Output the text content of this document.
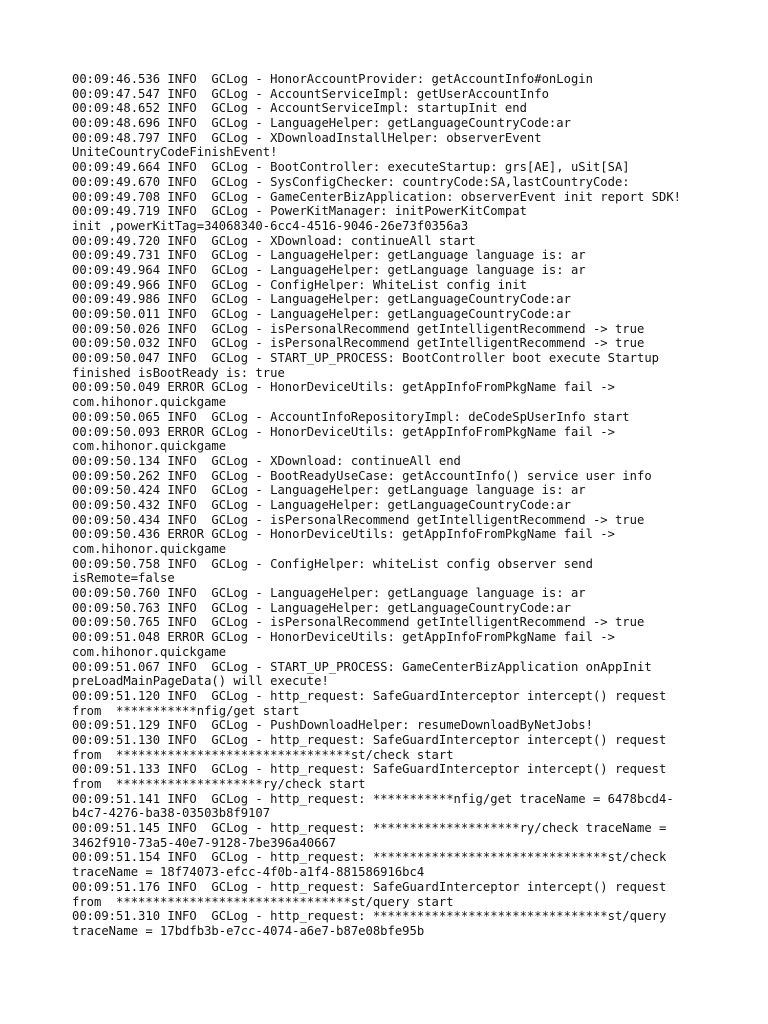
00:09:46.536 INFO  GCLog - HonorAccountProvider: getAccountInfo#onLogin
00:09:47.547 INFO  GCLog - AccountServiceImpl: getUserAccountInfo
00:09:48.652 INFO  GCLog - AccountServiceImpl: startupInit end
00:09:48.696 INFO  GCLog - LanguageHelper: getLanguageCountryCode:ar
00:09:48.797 INFO  GCLog - XDownloadInstallHelper: observerEvent
UniteCountryCodeFinishEvent!
00:09:49.664 INFO  GCLog - BootController: executeStartup: grs[AE], uSit[SA]
00:09:49.670 INFO  GCLog - SysConfigChecker: countryCode:SA,lastCountryCode:
00:09:49.708 INFO  GCLog - GameCenterBizApplication: observerEvent init report SDK!
00:09:49.719 INFO  GCLog - PowerKitManager: initPowerKitCompat
init ,powerKitTag=34068340-6cc4-4516-9046-26e73f0356a3
00:09:49.720 INFO  GCLog - XDownload: continueAll start
00:09:49.731 INFO  GCLog - LanguageHelper: getLanguage language is: ar
00:09:49.964 INFO  GCLog - LanguageHelper: getLanguage language is: ar
00:09:49.966 INFO  GCLog - ConfigHelper: WhiteList config init
00:09:49.986 INFO  GCLog - LanguageHelper: getLanguageCountryCode:ar
00:09:50.011 INFO  GCLog - LanguageHelper: getLanguageCountryCode:ar
00:09:50.026 INFO  GCLog - isPersonalRecommend getIntelligentRecommend -> true
00:09:50.032 INFO  GCLog - isPersonalRecommend getIntelligentRecommend -> true
00:09:50.047 INFO  GCLog - START_UP_PROCESS: BootController boot execute Startup
finished isBootReady is: true
00:09:50.049 ERROR GCLog - HonorDeviceUtils: getAppInfoFromPkgName fail ->
com.hihonor.quickgame
00:09:50.065 INFO  GCLog - AccountInfoRepositoryImpl: deCodeSpUserInfo start
00:09:50.093 ERROR GCLog - HonorDeviceUtils: getAppInfoFromPkgName fail ->
com.hihonor.quickgame
00:09:50.134 INFO  GCLog - XDownload: continueAll end
00:09:50.262 INFO  GCLog - BootReadyUseCase: getAccountInfo() service user info
00:09:50.424 INFO  GCLog - LanguageHelper: getLanguage language is: ar
00:09:50.432 INFO  GCLog - LanguageHelper: getLanguageCountryCode:ar
00:09:50.434 INFO  GCLog - isPersonalRecommend getIntelligentRecommend -> true
00:09:50.436 ERROR GCLog - HonorDeviceUtils: getAppInfoFromPkgName fail ->
com.hihonor.quickgame
00:09:50.758 INFO  GCLog - ConfigHelper: whiteList config observer send
isRemote=false
00:09:50.760 INFO  GCLog - LanguageHelper: getLanguage language is: ar
00:09:50.763 INFO  GCLog - LanguageHelper: getLanguageCountryCode:ar
00:09:50.765 INFO  GCLog - isPersonalRecommend getIntelligentRecommend -> true
00:09:51.048 ERROR GCLog - HonorDeviceUtils: getAppInfoFromPkgName fail ->
com.hihonor.quickgame
00:09:51.067 INFO  GCLog - START_UP_PROCESS: GameCenterBizApplication onAppInit
preLoadMainPageData() will execute!
00:09:51.120 INFO  GCLog - http_request: SafeGuardInterceptor intercept() request
from  ***********nfig/get start
00:09:51.129 INFO  GCLog - PushDownloadHelper: resumeDownloadByNetJobs!
00:09:51.130 INFO  GCLog - http_request: SafeGuardInterceptor intercept() request
from  ********************************st/check start
00:09:51.133 INFO  GCLog - http_request: SafeGuardInterceptor intercept() request
from  ********************ry/check start
00:09:51.141 INFO  GCLog - http_request: ***********nfig/get traceName = 6478bcd4-
b4c7-4276-ba38-03503b8f9107
00:09:51.145 INFO  GCLog - http_request: ********************ry/check traceName =
3462f910-73a5-40e7-9128-7be396a40667
00:09:51.154 INFO  GCLog - http_request: ********************************st/check
traceName = 18f74073-efcc-4f0b-a1f4-881586916bc4
00:09:51.176 INFO  GCLog - http_request: SafeGuardInterceptor intercept() request
from  ********************************st/query start
00:09:51.310 INFO  GCLog - http_request: ********************************st/query
traceName = 17bdfb3b-e7cc-4074-a6e7-b87e08bfe95b
